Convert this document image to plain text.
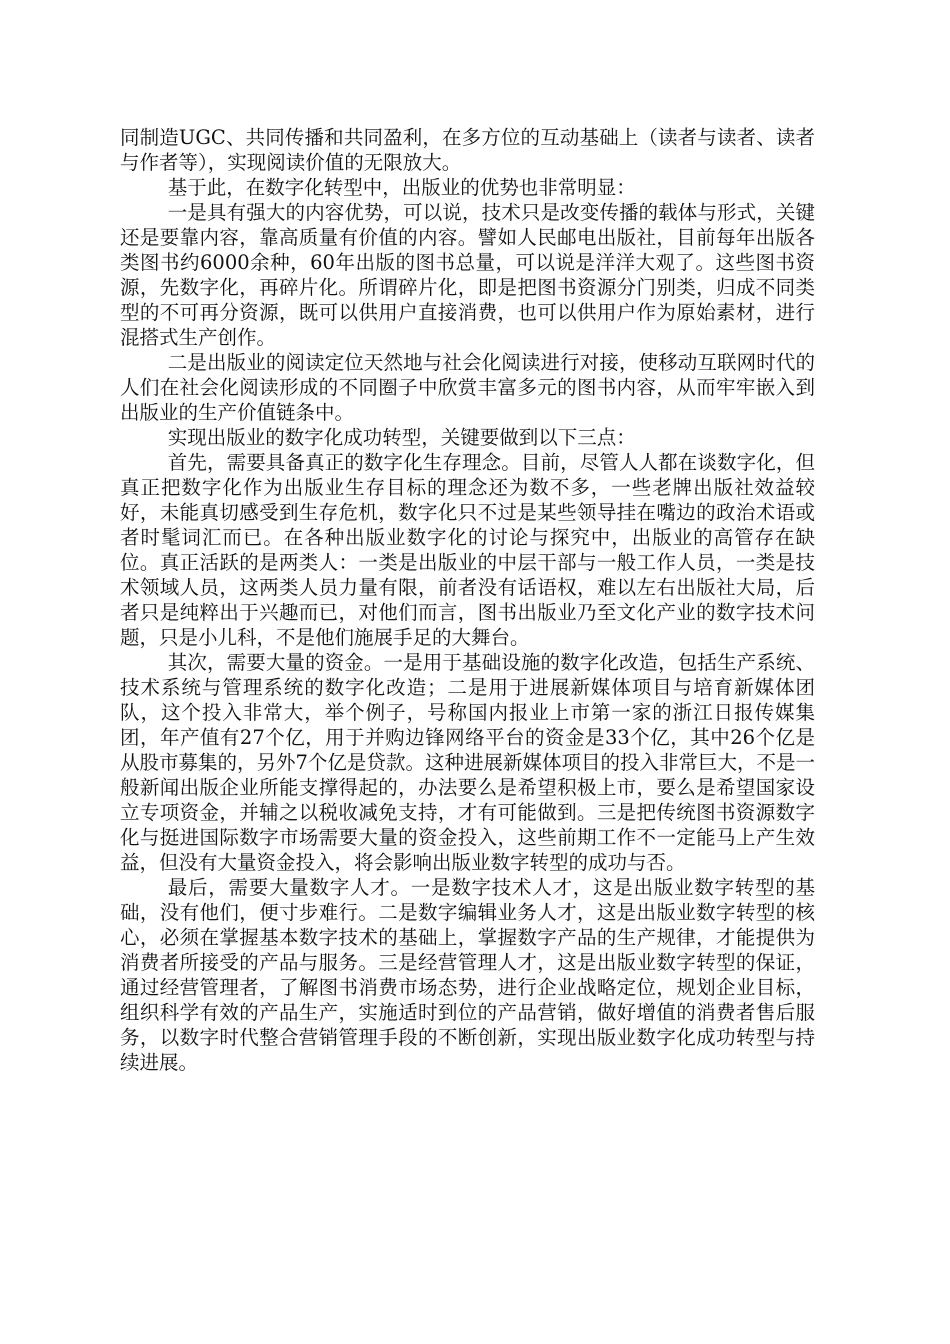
同制造UGC、共同传播和共同盈利，在多方位的互动基础上（读者与读者、读者与作者等），实现阅读价值的无限放大。

基于此，在数字化转型中，出版业的优势也非常明显：

一是具有强大的内容优势，可以说，技术只是改变传播的载体与形式，关键还是要靠内容，靠高质量有价值的内容。譬如人民邮电出版社，目前每年出版各类图书约6000余种，60年出版的图书总量，可以说是洋洋大观了。这些图书资源，先数字化，再碎片化。所谓碎片化，即是把图书资源分门别类，归成不同类型的不可再分资源，既可以供用户直接消费，也可以供用户作为原始素材，进行混搭式生产创作。

二是出版业的阅读定位天然地与社会化阅读进行对接，使移动互联网时代的人们在社会化阅读形成的不同圈子中欣赏丰富多元的图书内容，从而牢牢嵌入到出版业的生产价值链条中。

实现出版业的数字化成功转型，关键要做到以下三点：

首先，需要具备真正的数字化生存理念。目前，尽管人人都在谈数字化，但真正把数字化作为出版业生存目标的理念还为数不多，一些老牌出版社效益较好，未能真切感受到生存危机，数字化只不过是某些领导挂在嘴边的政治术语或者时髦词汇而已。在各种出版业数字化的讨论与探究中，出版业的高管存在缺位。真正活跃的是两类人：一类是出版业的中层干部与一般工作人员，一类是技术领域人员，这两类人员力量有限，前者没有话语权，难以左右出版社大局，后者只是纯粹出于兴趣而已，对他们而言，图书出版业乃至文化产业的数字技术问题，只是小儿科，不是他们施展手足的大舞台。

其次，需要大量的资金。一是用于基础设施的数字化改造，包括生产系统、技术系统与管理系统的数字化改造；二是用于进展新媒体项目与培育新媒体团队，这个投入非常大，举个例子，号称国内报业上市第一家的浙江日报传媒集团，年产值有27个亿，用于并购边锋网络平台的资金是33个亿，其中26个亿是从股市募集的，另外7个亿是贷款。这种进展新媒体项目的投入非常巨大，不是一般新闻出版企业所能支撑得起的，办法要么是希望积极上市，要么是希望国家设立专项资金，并辅之以税收减免支持，才有可能做到。三是把传统图书资源数字化与挺进国际数字市场需要大量的资金投入，这些前期工作不一定能马上产生效益，但没有大量资金投入，将会影响出版业数字转型的成功与否。

最后，需要大量数字人才。一是数字技术人才，这是出版业数字转型的基础，没有他们，便寸步难行。二是数字编辑业务人才，这是出版业数字转型的核心，必须在掌握基本数字技术的基础上，掌握数字产品的生产规律，才能提供为消费者所接受的产品与服务。三是经营管理人才，这是出版业数字转型的保证，通过经营管理者，了解图书消费市场态势，进行企业战略定位，规划企业目标，组织科学有效的产品生产，实施适时到位的产品营销，做好增值的消费者售后服务，以数字时代整合营销管理手段的不断创新，实现出版业数字化成功转型与持续进展。
